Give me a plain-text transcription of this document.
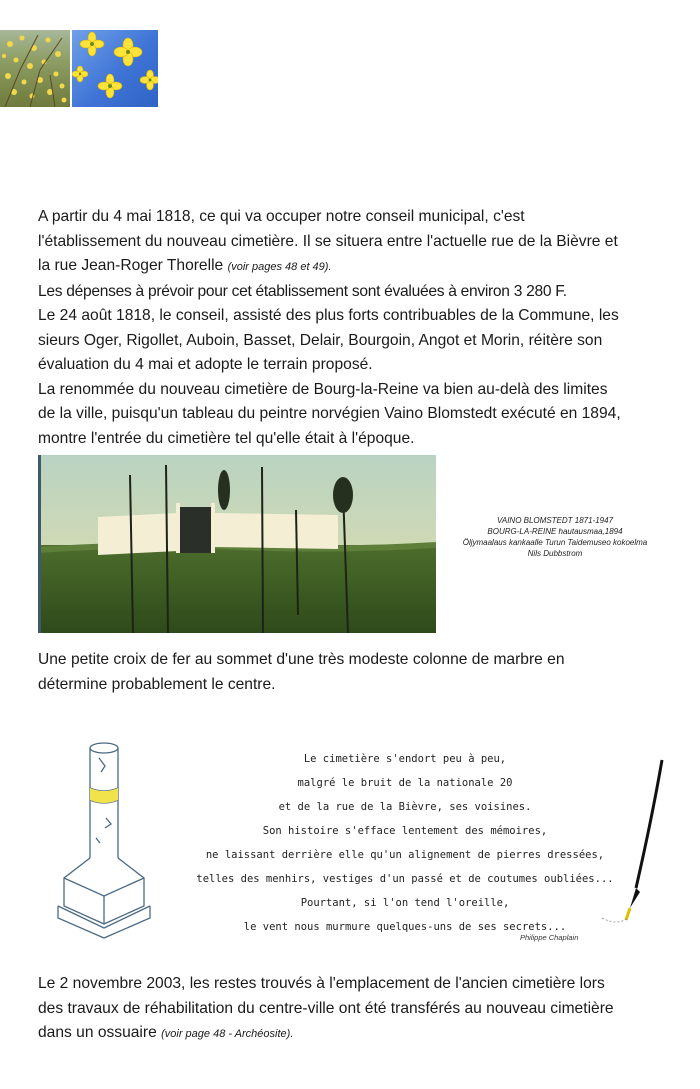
A partir du 4 mai 1818, ce qui va occuper notre conseil municipal, c'est
l'établissement du nouveau cimetière. Il se situera entre l'actuelle rue de la Bièvre et
la rue Jean-Roger Thorelle (voir pages 48 et 49).
Les dépenses à prévoir pour cet établissement sont évaluées à environ 3 280 F.
Le 24 août 1818, le conseil, assisté des plus forts contribuables de la Commune, les
sieurs Oger, Rigollet, Auboin, Basset, Delair, Bourgoin, Angot et Morin, réitère son
évaluation du 4 mai et adopte le terrain proposé.
La renommée du nouveau cimetière de Bourg-la-Reine va bien au-delà des limites
de la ville, puisqu'un tableau du peintre norvégien Vaino Blomstedt exécuté en 1894,
montre l'entrée du cimetière tel qu'elle était à l'époque.
VAINO BLOMSTEDT 1871-1947
BOURG-LA-REINE hautausmaa,1894
Öljymaalaus kankaalle Turun Taidemuseo kokoelma
Nils Dubbstrom
Une petite croix de fer au sommet d'une très modeste colonne de marbre en
détermine probablement le centre.
Le cimetière s'endort peu à peu,
malgré le bruit de la nationale 20
et de la rue de la Bièvre, ses voisines.
Son histoire s'efface lentement des mémoires,
ne laissant derrière elle qu'un alignement de pierres dressées,
telles des menhirs, vestiges d'un passé et de coutumes oubliées...
Pourtant, si l'on tend l'oreille,
le vent nous murmure quelques-uns de ses secrets...
Philippe Chaplain
Le 2 novembre 2003, les restes trouvés à l'emplacement de l'ancien cimetière lors
des travaux de réhabilitation du centre-ville ont été transférés au nouveau cimetière
dans un ossuaire (voir page 48 - Archéosite).
